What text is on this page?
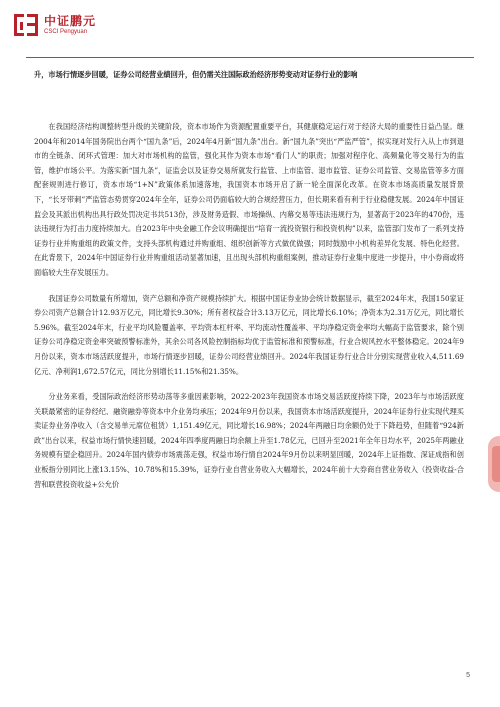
中证鹏元
CSCI Pengyuan
升，市场行情逐步回暖，证券公司经营业绩回升，但仍需关注国际政治经济形势变动对证券行业的影响

在我国经济结构调整转型升级的关键阶段，资本市场作为资源配置重要平台，其健康稳定运行对于经济大局的重要性日益凸显。继2004年和2014年国务院出台两个“国九条”后，2024年4月新“国九条”出台。新“国九条”突出“严监严管”，拟实现对发行入从上市到退市的全链条、闭环式管理：加大对市场机构的监管，强化其作为资本市场“看门人”的职责；加强对程序化、高频量化等交易行为的监管，维护市场公平。为落实新“国九条”，证监会以及证券交易所就发行监管、上市监管、退市监管、证券公司监管、交易监管等多方面配套规则进行修订，资本市场“1+N”政策体系加速落地，我国资本市场开启了新一轮全面深化改革。在资本市场高质量发展背景下，“长牙带刺”严监管态势贯穿2024年全年，证券公司仍面临较大的合规经营压力，但长期来看有利于行业稳健发展。2024年中国证监会及其派出机构出具行政处罚决定书共513份，涉及财务造假、市场操纵、内幕交易等违法违规行为，显著高于2023年的470份，违法违规行为打击力度持续加大。自2023年中央金融工作会议明确提出“培育一流投资银行和投资机构”以来，监管部门发布了一系列支持证券行业并购重组的政策文件，支持头部机构通过并购重组、组织创新等方式做优做强；同时鼓励中小机构差异化发展、特色化经营。在此背景下，2024年中国证券行业并购重组活动显著加速，且出现头部机构重组案例，推动证券行业集中度进一步提升，中小券商或将面临较大生存发展压力。

我国证券公司数量有所增加，资产总额和净资产规模持续扩大。根据中国证券业协会统计数据显示，截至2024年末，我国150家证券公司资产总额合计12.93万亿元，同比增长9.30%；所有者权益合计3.13万亿元，同比增长6.10%；净资本为2.31万亿元，同比增长5.96%。截至2024年末，行业平均风险覆盖率、平均资本杠杆率、平均流动性覆盖率、平均净稳定资金率均大幅高于监管要求，除个别证券公司净稳定资金率突破预警标准外，其余公司各风险控制指标均优于监管标准和预警标准，行业合规风控水平整体稳定。2024年9月份以来，资本市场活跃度提升，市场行情逐步回暖，证券公司经营业绩回升。2024年我国证券行业合计分别实现营业收入4,511.69亿元、净利润1,672.57亿元，同比分别增长11.15%和21.35%。

分业务来看，受国际政治经济形势动荡等多重因素影响，2022-2023年我国资本市场交易活跃度持续下降，2023年与市场活跃度关联最紧密的证券经纪、融资融券等资本中介业务均承压；2024年9月份以来，我国资本市场活跃度提升，2024年证券行业实现代理买卖证券业务净收入（含交易单元席位租赁）1,151.49亿元，同比增长16.98%；2024年两融日均余额仍处于下降趋势，但随着“924新政”出台以来，权益市场行情快速回暖，2024年四季度两融日均余额上升至1.78亿元，已回升至2021年全年日均水平，2025年两融业务规模有望企稳回升。2024年国内债券市场震荡走强，权益市场行情自2024年9月份以来明显回暖，2024年上证指数、深证成指和创业板指分别同比上涨13.15%、10.78%和15.39%，证券行业自营业务收入大幅增长，2024年前十大券商自营业务收入（投资收益-合营和联营投资收益+公允价

5
